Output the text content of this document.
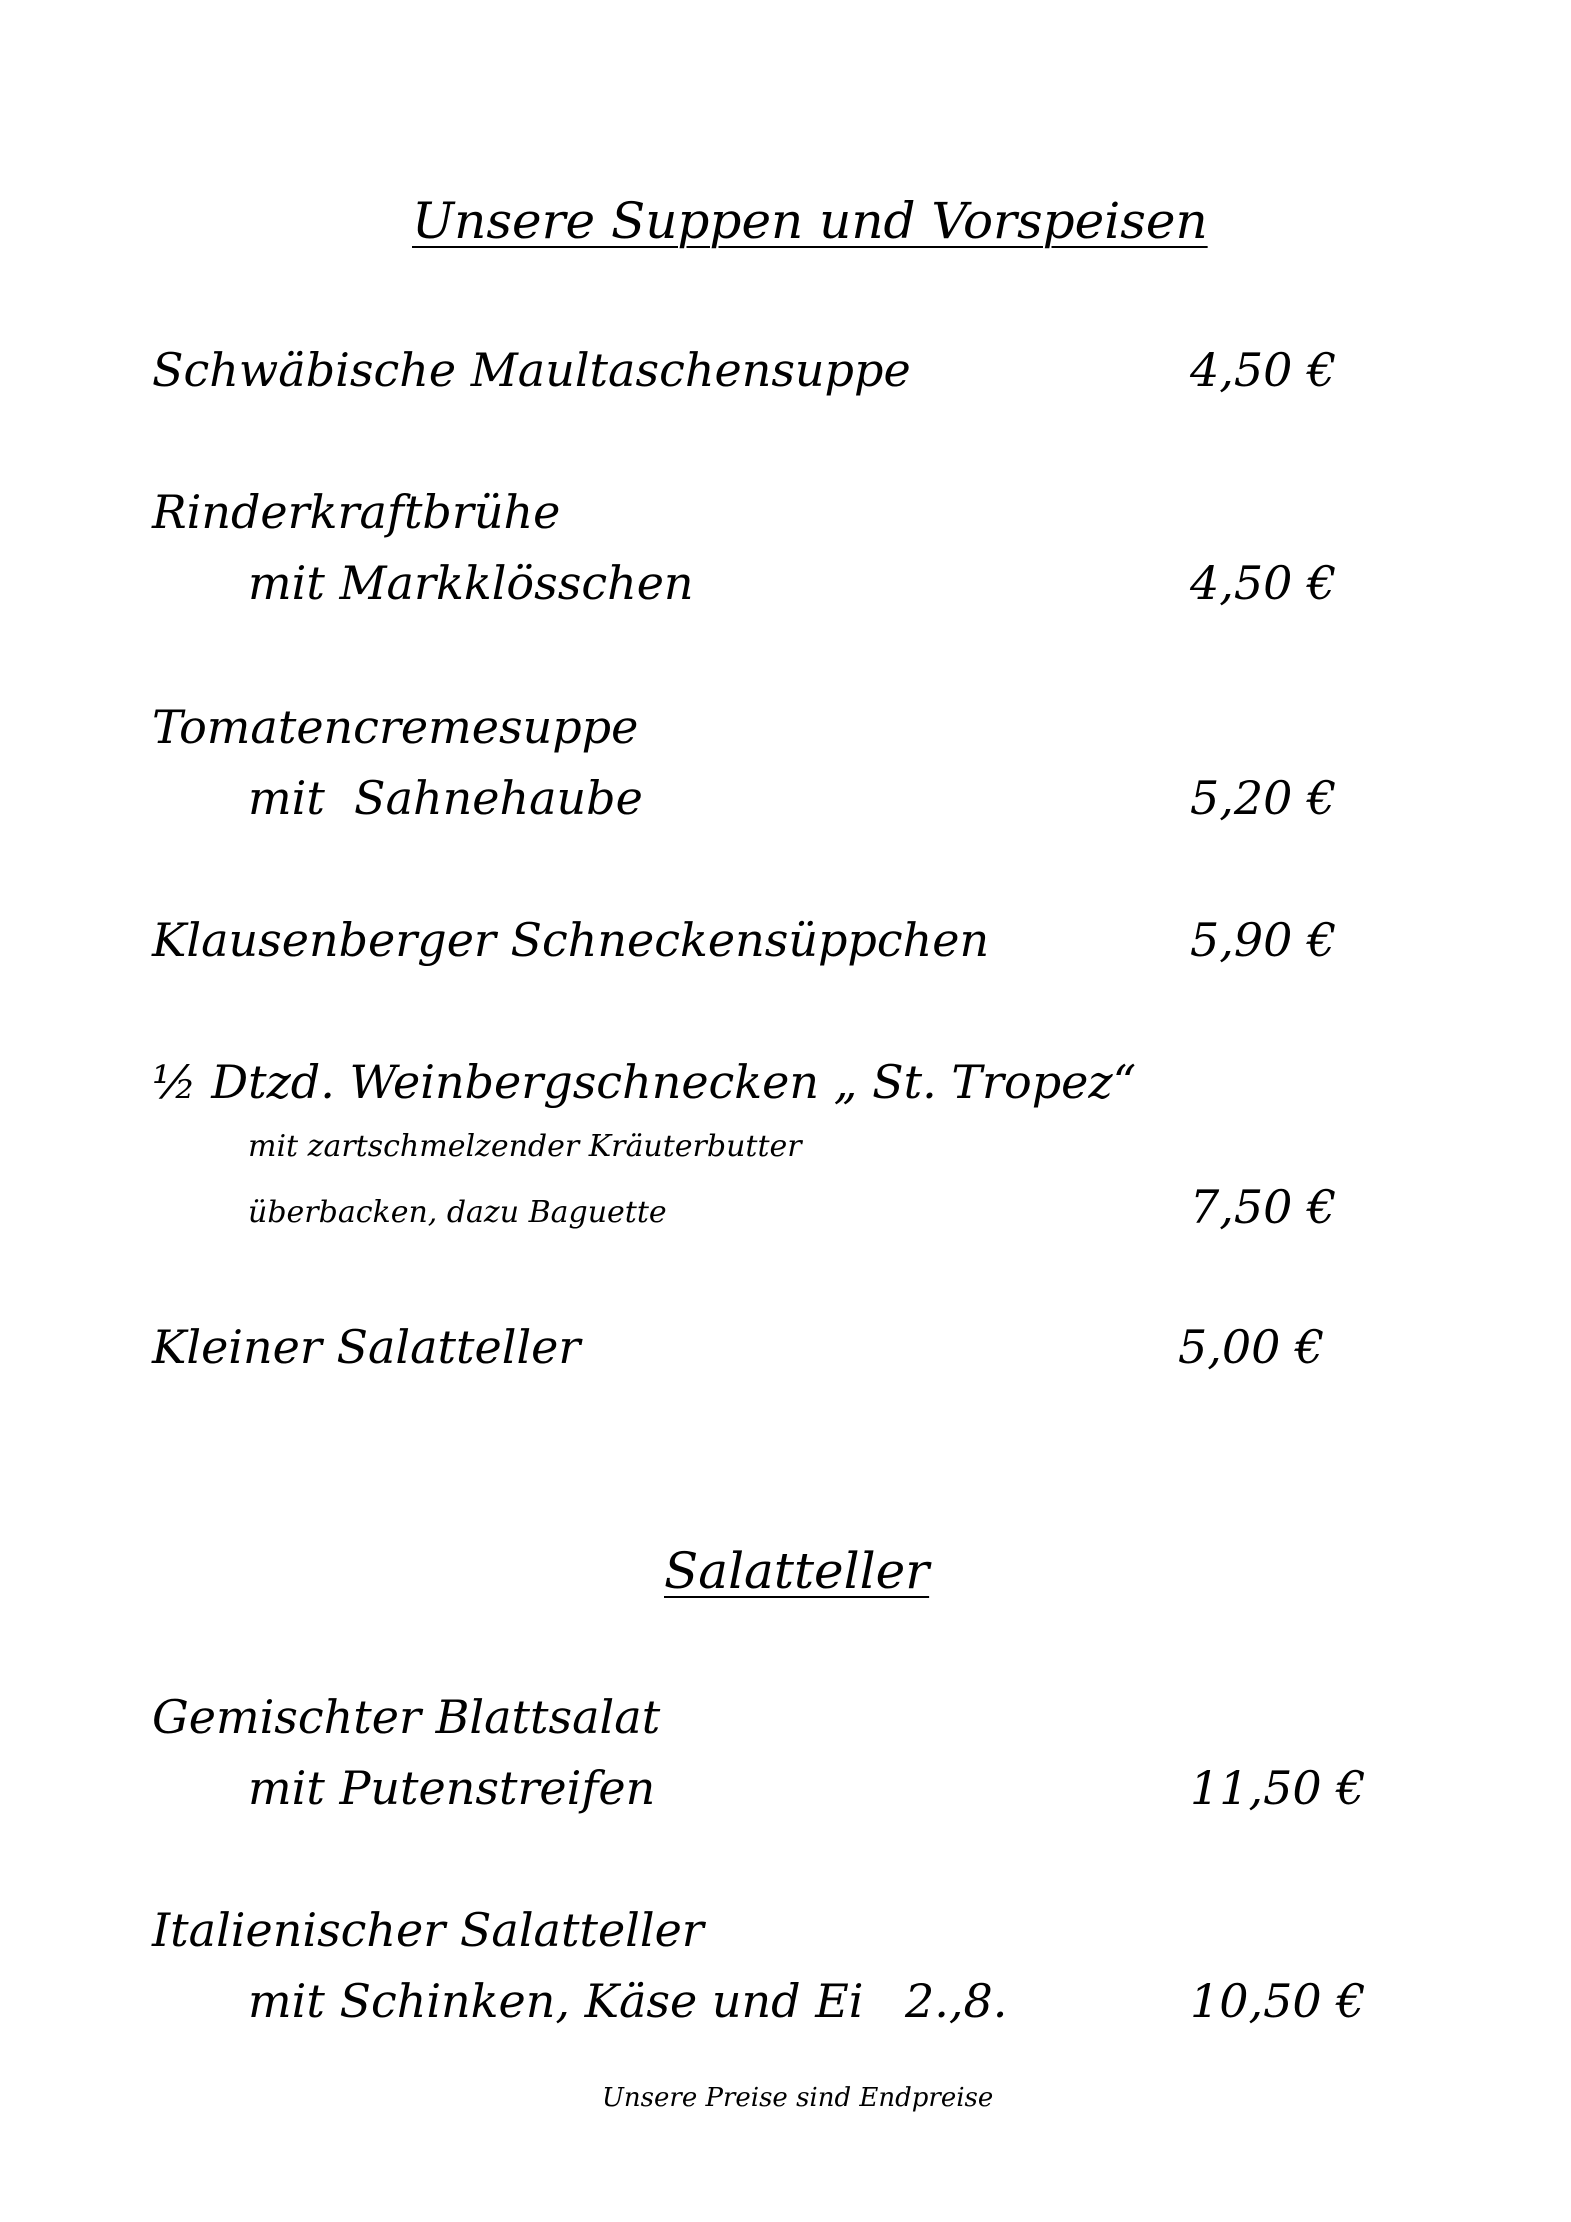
Unsere Suppen und Vorspeisen
Schwäbische Maultaschensuppe	4,50 €
Rinderkraftbrühe
mit Markklösschen	4,50 €
Tomatencremesuppe
mit  Sahnehaube	5,20 €
Klausenberger Schneckensüppchen	5,90 €
½ Dtzd. Weinbergschnecken „ St. Tropez“
mit zartschmelzender Kräuterbutter
überbacken, dazu Baguette	7,50 €
Kleiner Salatteller	5,00 €
Salatteller
Gemischter Blattsalat
mit Putenstreifen	11,50 €
Italienischer Salatteller
mit Schinken, Käse und Ei 2.,8.	10,50 €
Unsere Preise sind Endpreise
